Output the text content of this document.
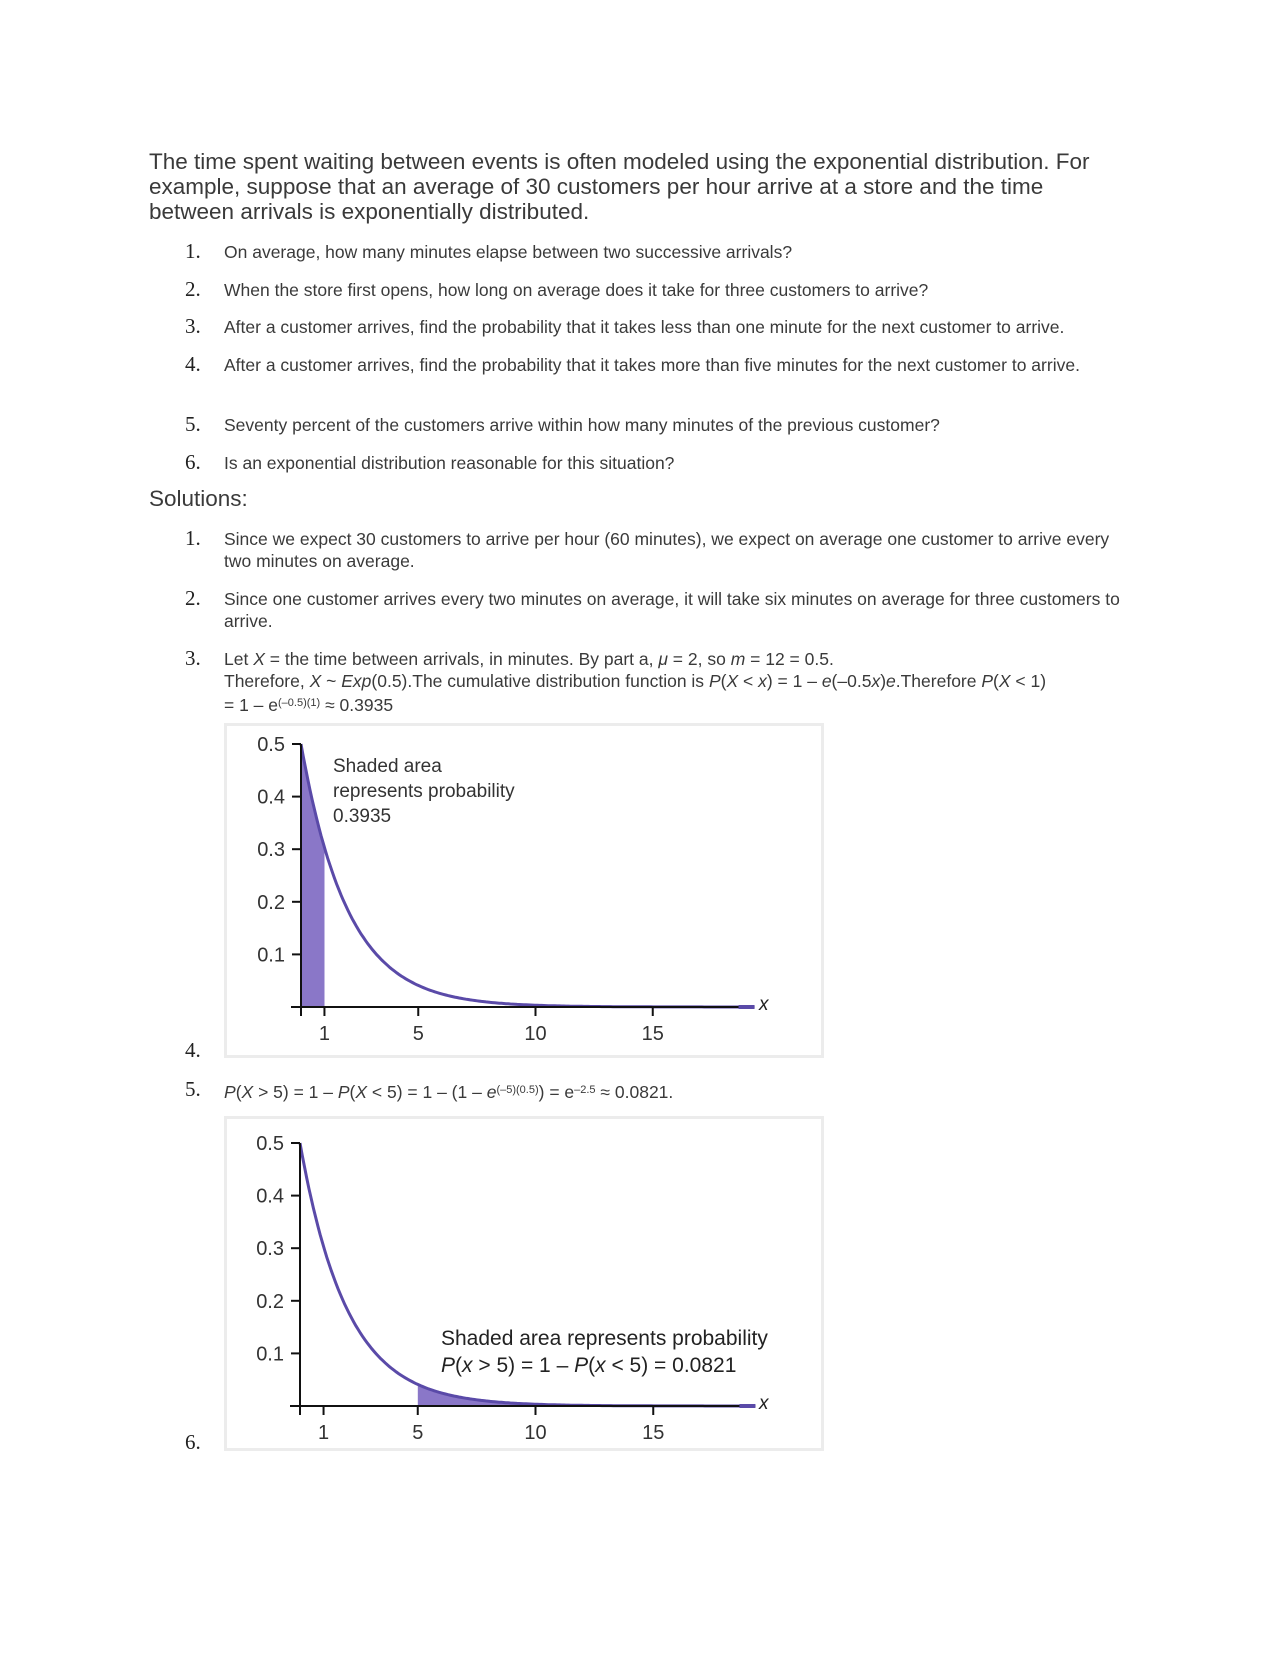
The time spent waiting between events is often modeled using the exponential distribution. For example, suppose that an average of 30 customers per hour arrive at a store and the time between arrivals is exponentially distributed.
1. On average, how many minutes elapse between two successive arrivals?
2. When the store first opens, how long on average does it take for three customers to arrive?
3. After a customer arrives, find the probability that it takes less than one minute for the next customer to arrive.
4. After a customer arrives, find the probability that it takes more than five minutes for the next customer to arrive.
5. Seventy percent of the customers arrive within how many minutes of the previous customer?
6. Is an exponential distribution reasonable for this situation?
Solutions:
1. Since we expect 30 customers to arrive per hour (60 minutes), we expect on average one customer to arrive every two minutes on average.
2. Since one customer arrives every two minutes on average, it will take six minutes on average for three customers to arrive.
3. Let X = the time between arrivals, in minutes. By part a, μ = 2, so m = 12 = 0.5.
Therefore, X ~ Exp(0.5).The cumulative distribution function is P(X < x) = 1 – e(–0.5x)e.Therefore P(X < 1)
= $1 - e^{(-0.5)(1)} \approx 0.3935$
0.1
0.2
0.3
0.4
0.5
1	5	10	15
x
Shaded area
represents probability
0.3935
4.
5. $P(X > 5) = 1 - P(X < 5) = 1 - (1 - e^{(-5)(0.5)}) = e^{-2.5} \approx 0.0821$.
0.1
0.2
0.3
0.4
0.5
1	5	10	15
x
Shaded area represents probability
P(x > 5) = 1 – P(x < 5) = 0.0821
6.
